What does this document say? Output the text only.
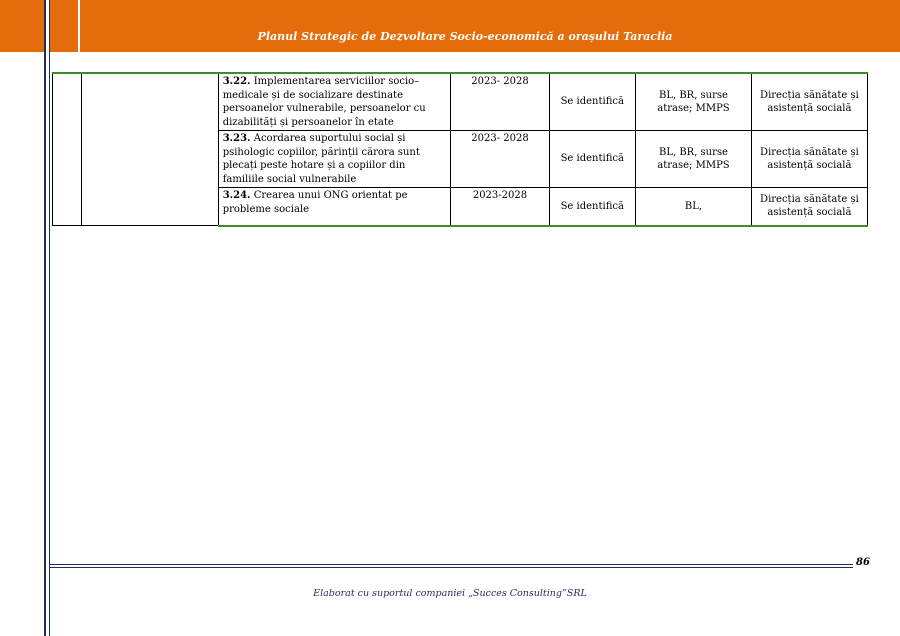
Planul Strategic de Dezvoltare Socio-economică a orașului Taraclia
		3.22. Implementarea serviciilor socio–medicale și de socializare destinate persoanelor vulnerabile, persoanelor cu dizabilități și persoanelor în etate	2023- 2028	Se identifică	BL, BR, surse atrase; MMPS	Direcția sănătate și asistență socială
		3.23. Acordarea suportului social și psihologic copiilor, părinții cărora sunt plecați peste hotare și a copiilor din familiile social vulnerabile	2023- 2028	Se identifică	BL, BR, surse atrase; MMPS	Direcția sănătate și asistență socială
		3.24. Crearea unui ONG orientat pe probleme sociale	2023-2028	Se identifică	BL,	Direcția sănătate și asistență socială
86
Elaborat cu suportul companiei „Succes Consulting”SRL
